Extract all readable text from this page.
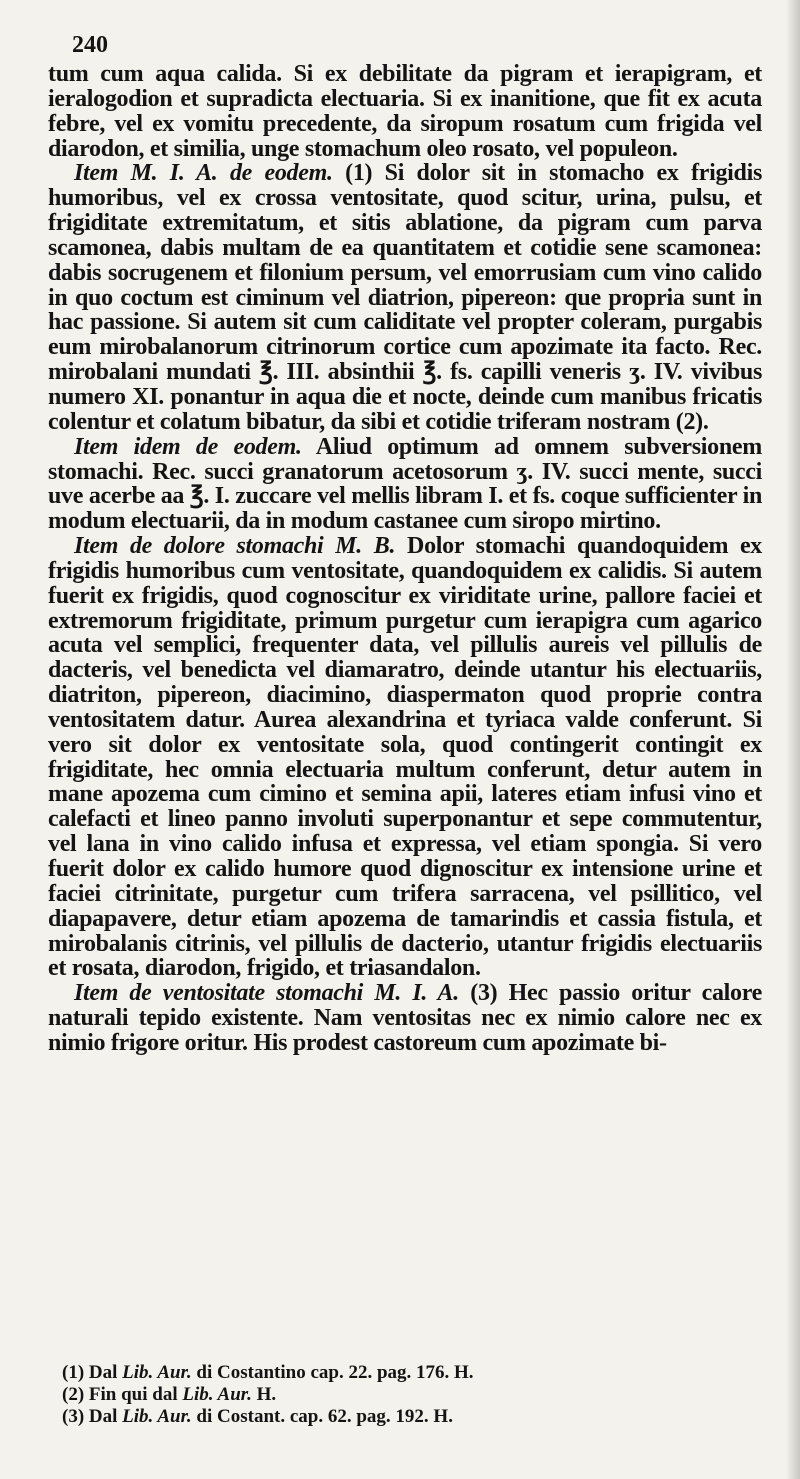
240

tum cum aqua calida. Si ex debilitate da pigram et ierapigram, et ieralogodion et supradicta electuaria. Si ex inanitione, que fit ex acuta febre, vel ex vomitu precedente, da siropum rosatum cum frigida vel diarodon, et similia, unge stomachum oleo rosato, vel populeon.

Item M. I. A. de eodem. (1) Si dolor sit in stomacho ex frigidis humoribus, vel ex crossa ventositate, quod scitur, urina, pulsu, et frigiditate extremitatum, et sitis ablatione, da pigram cum parva scamonea, dabis multam de ea quantitatem et cotidie sene scamonea: dabis socrugenem et filonium persum, vel emorrusiam cum vino calido in quo coctum est ciminum vel diatrion, pipereon: que propria sunt in hac passione. Si autem sit cum caliditate vel propter coleram, purgabis eum mirobalanorum citrinorum cortice cum apozimate ita facto. Rec. mirobalani mundati ℥. III. absinthii ℥. fs. capilli veneris ʒ. IV. vivibus numero XI. ponantur in aqua die et nocte, deinde cum manibus fricatis colentur et colatum bibatur, da sibi et cotidie triferam nostram (2).

Item idem de eodem. Aliud optimum ad omnem subversionem stomachi. Rec. succi granatorum acetosorum ʒ. IV. succi mente, succi uve acerbe aa ℥. I. zuccare vel mellis libram I. et fs. coque sufficienter in modum electuarii, da in modum castanee cum siropo mirtino.

Item de dolore stomachi M. B. Dolor stomachi quandoquidem ex frigidis humoribus cum ventositate, quandoquidem ex calidis. Si autem fuerit ex frigidis, quod cognoscitur ex viriditate urine, pallore faciei et extremorum frigiditate, primum purgetur cum ierapigra cum agarico acuta vel semplici, frequenter data, vel pillulis aureis vel pillulis de dacteris, vel benedicta vel diamaratro, deinde utantur his electuariis, diatriton, pipereon, diacimino, diaspermaton quod proprie contra ventositatem datur. Aurea alexandrina et tyriaca valde conferunt. Si vero sit dolor ex ventositate sola, quod contingerit contingit ex frigiditate, hec omnia electuaria multum conferunt, detur autem in mane apozema cum cimino et semina apii, lateres etiam infusi vino et calefacti et lineo panno involuti superponantur et sepe commutentur, vel lana in vino calido infusa et expressa, vel etiam spongia. Si vero fuerit dolor ex calido humore quod dignoscitur ex intensione urine et faciei citrinitate, purgetur cum trifera sarracena, vel psillitico, vel diapapavere, detur etiam apozema de tamarindis et cassia fistula, et mirobalanis citrinis, vel pillulis de dacterio, utantur frigidis electuariis et rosata, diarodon, frigido, et triasandalon.

Item de ventositate stomachi M. I. A. (3) Hec passio oritur calore naturali tepido existente. Nam ventositas nec ex nimio calore nec ex nimio frigore oritur. His prodest castoreum cum apozimate bi-

(1) Dal Lib. Aur. di Costantino cap. 22. pag. 176. H.

(2) Fin qui dal Lib. Aur. H.

(3) Dal Lib. Aur. di Costant. cap. 62. pag. 192. H.
